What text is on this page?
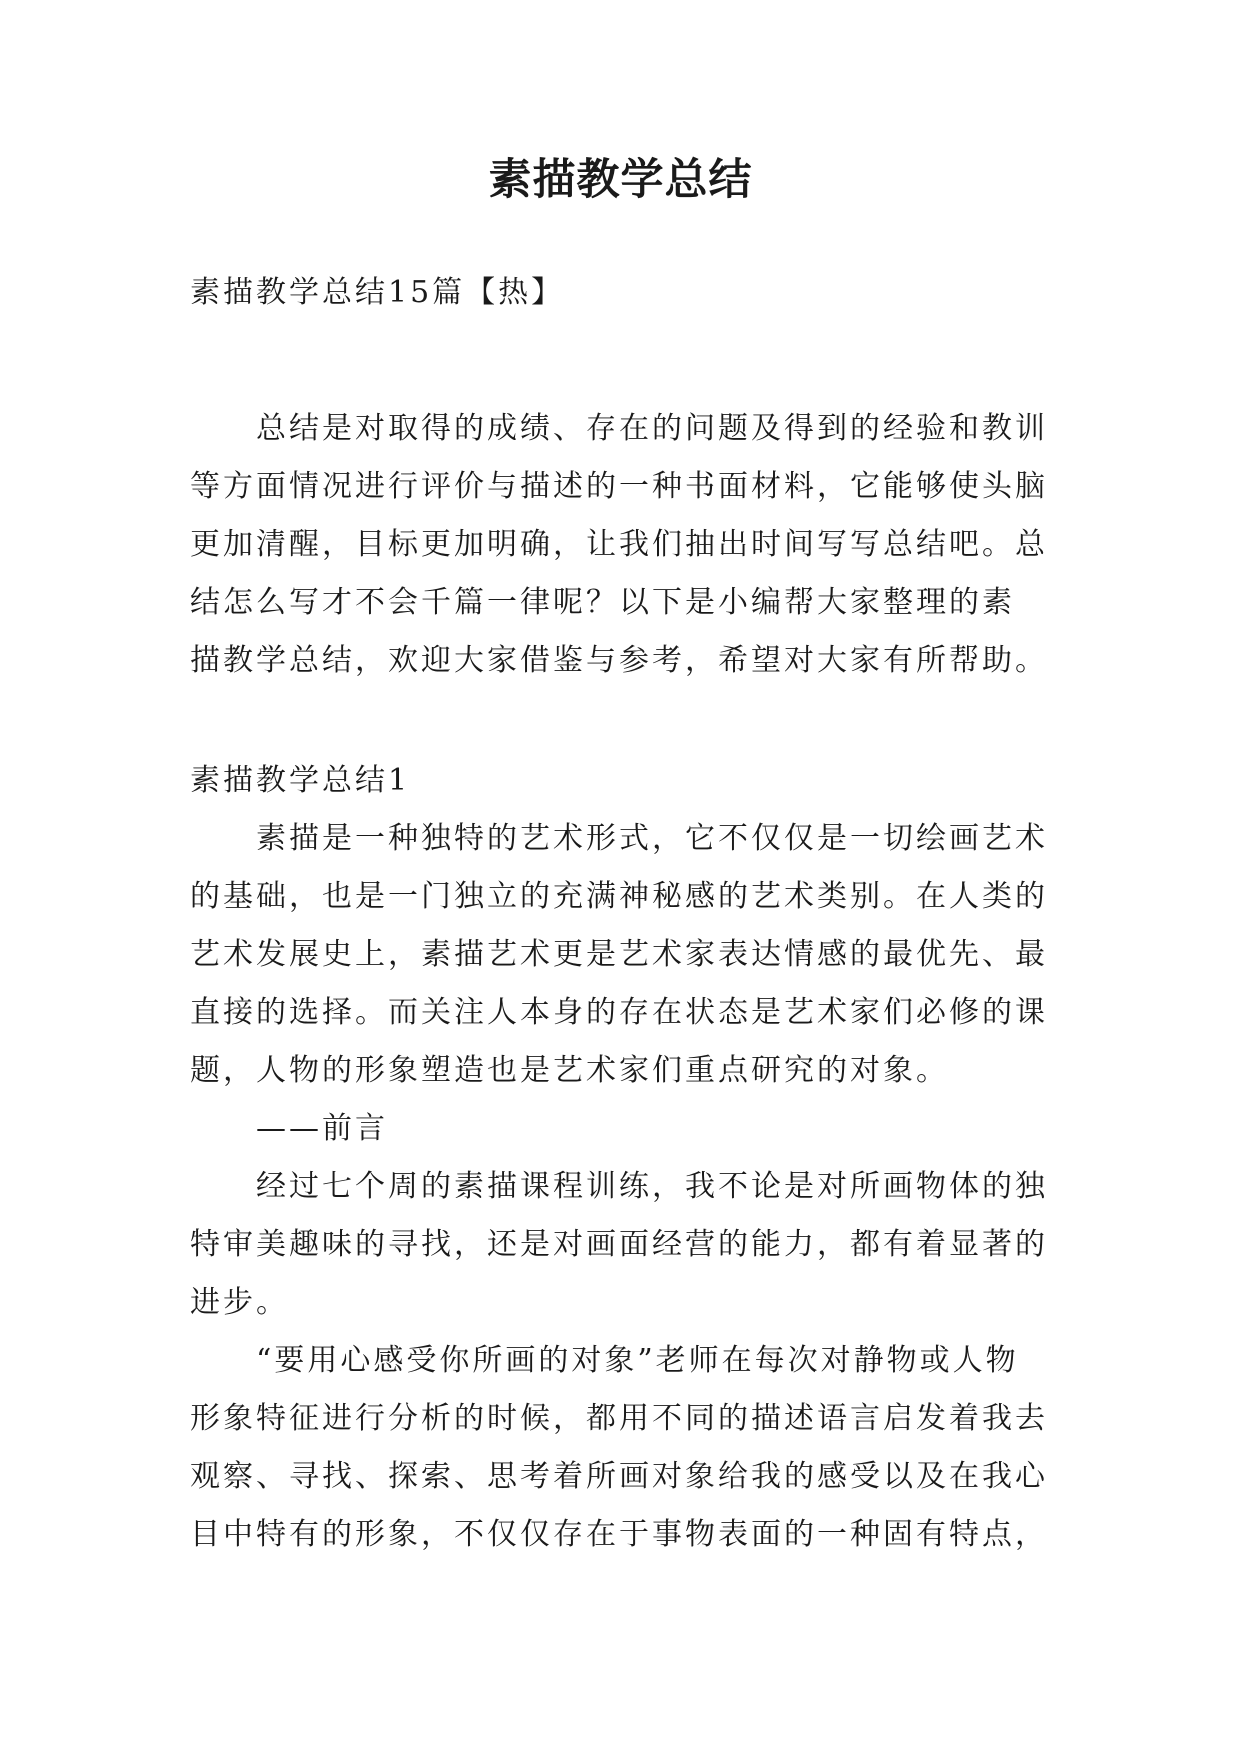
素描教学总结
素描教学总结15篇【热】
总结是对取得的成绩、存在的问题及得到的经验和教训
等方面情况进行评价与描述的一种书面材料，它能够使头脑
更加清醒，目标更加明确，让我们抽出时间写写总结吧。总
结怎么写才不会千篇一律呢？以下是小编帮大家整理的素
描教学总结，欢迎大家借鉴与参考，希望对大家有所帮助。
素描教学总结1
素描是一种独特的艺术形式，它不仅仅是一切绘画艺术
的基础，也是一门独立的充满神秘感的艺术类别。在人类的
艺术发展史上，素描艺术更是艺术家表达情感的最优先、最
直接的选择。而关注人本身的存在状态是艺术家们必修的课
题，人物的形象塑造也是艺术家们重点研究的对象。
——前言
经过七个周的素描课程训练，我不论是对所画物体的独
特审美趣味的寻找，还是对画面经营的能力，都有着显著的
进步。
“要用心感受你所画的对象”老师在每次对静物或人物
形象特征进行分析的时候，都用不同的描述语言启发着我去
观察、寻找、探索、思考着所画对象给我的感受以及在我心
目中特有的形象，不仅仅存在于事物表面的一种固有特点，
